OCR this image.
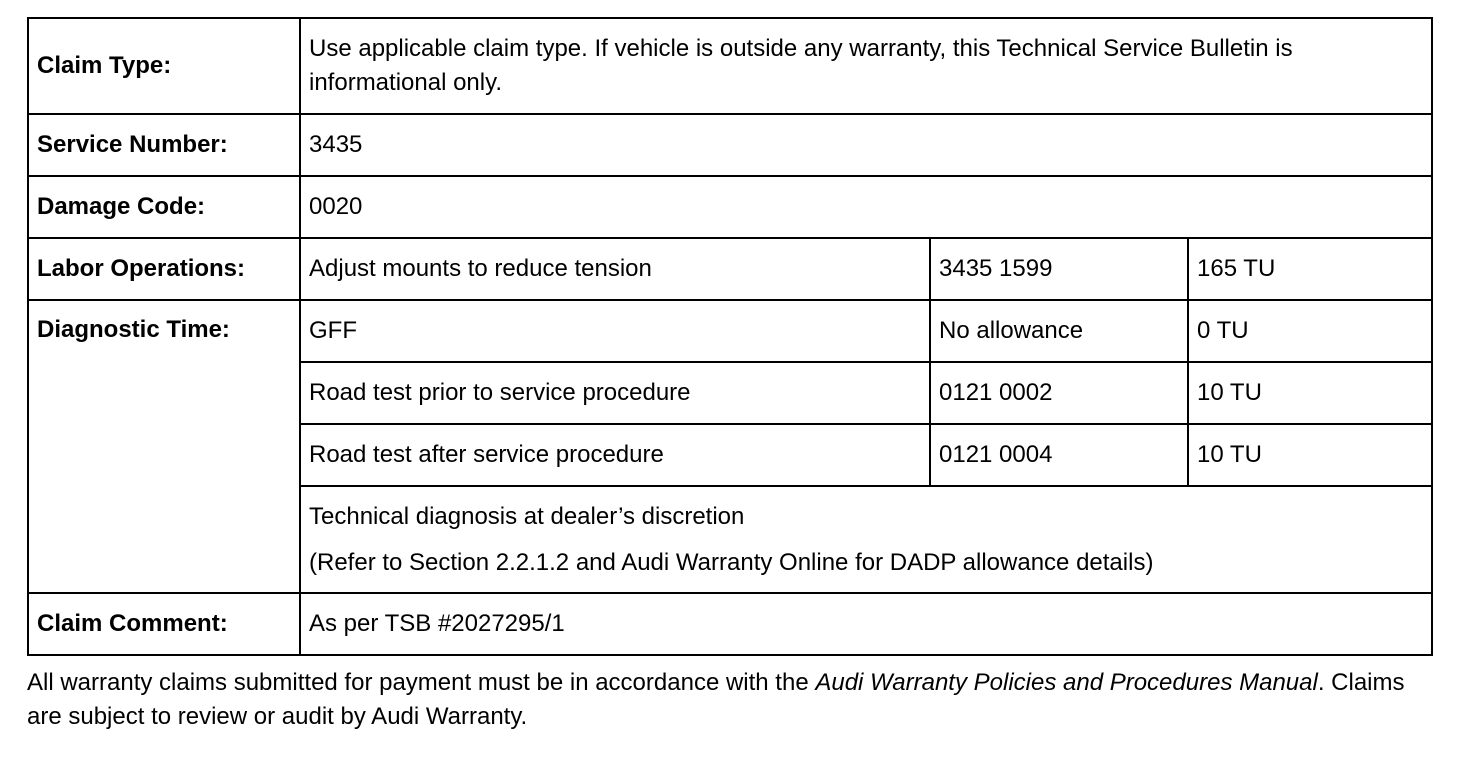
Claim Type:	Use applicable claim type. If vehicle is outside any warranty, this Technical Service Bulletin is informational only.		
Service Number:	3435		
Damage Code:	0020		
Labor Operations:	Adjust mounts to reduce tension	3435 1599	165 TU
Diagnostic Time:	GFF	No allowance	0 TU
	Road test prior to service procedure	0121 0002	10 TU
	Road test after service procedure	0121 0004	10 TU

	Technical diagnosis at dealer’s discretion
(Refer to Section 2.2.1.2 and Audi Warranty Online for DADP allowance details)		

Claim Comment:	As per TSB #2027295/1		

All warranty claims submitted for payment must be in accordance with the Audi Warranty Policies and Procedures Manual. Claims are subject to review or audit by Audi Warranty.
